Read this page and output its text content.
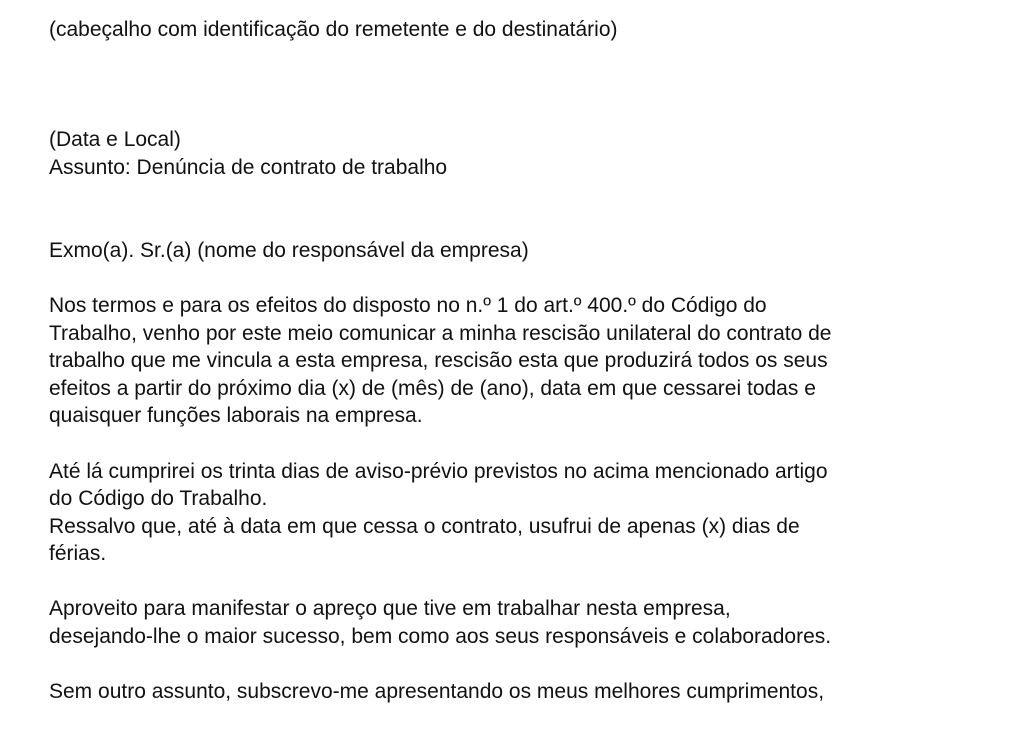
(cabeçalho com identificação do remetente e do destinatário)

(Data e Local)

Assunto: Denúncia de contrato de trabalho

Exmo(a). Sr.(a) (nome do responsável da empresa)

Nos termos e para os efeitos do disposto no n.º 1 do art.º 400.º do Código do

Trabalho, venho por este meio comunicar a minha rescisão unilateral do contrato de

trabalho que me vincula a esta empresa, rescisão esta que produzirá todos os seus

efeitos a partir do próximo dia (x) de (mês) de (ano), data em que cessarei todas e

quaisquer funções laborais na empresa.

Até lá cumprirei os trinta dias de aviso-prévio previstos no acima mencionado artigo

do Código do Trabalho.

Ressalvo que, até à data em que cessa o contrato, usufrui de apenas (x) dias de

férias.

Aproveito para manifestar o apreço que tive em trabalhar nesta empresa,

desejando-lhe o maior sucesso, bem como aos seus responsáveis e colaboradores.

Sem outro assunto, subscrevo-me apresentando os meus melhores cumprimentos,
